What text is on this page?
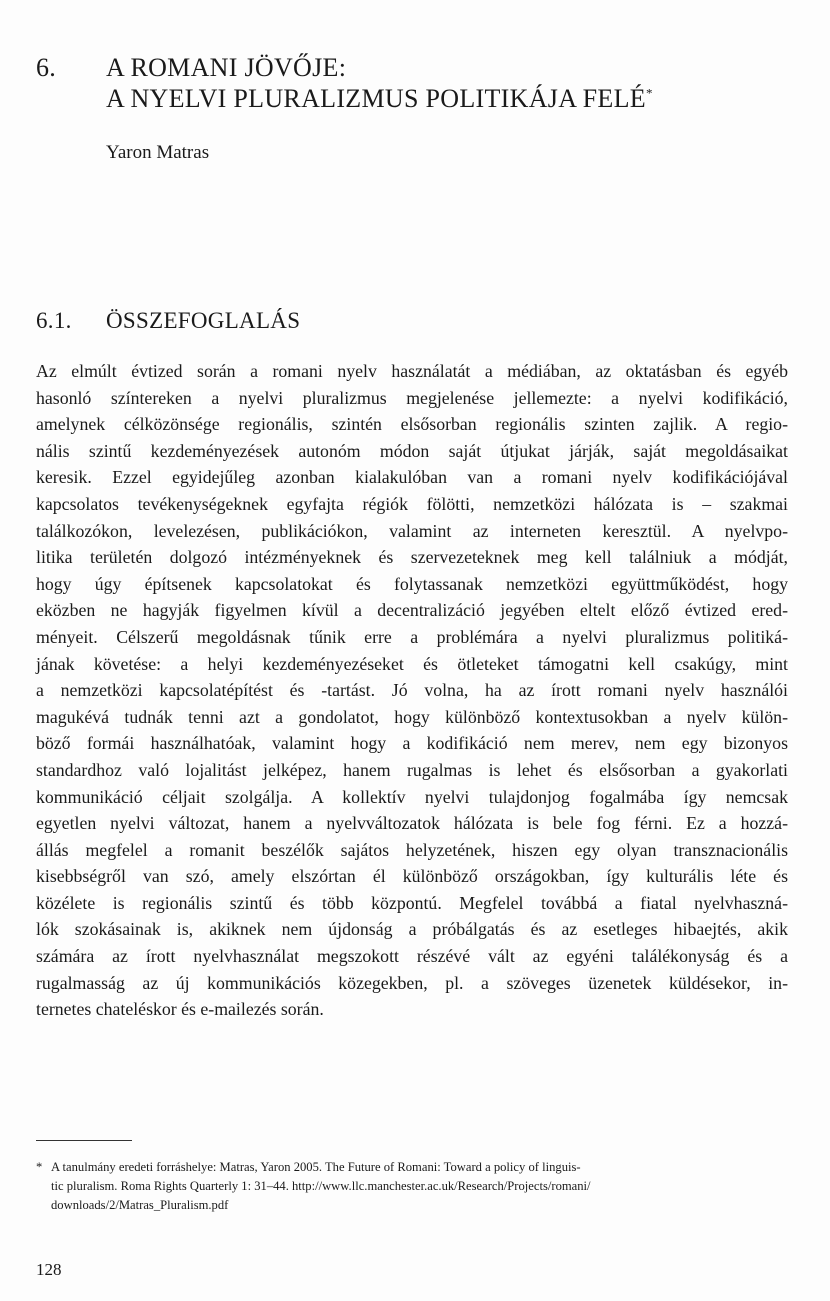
6. A ROMANI JÖVŐJE:
A NYELVI PLURALIZMUS POLITIKÁJA FELÉ*
Yaron Matras
6.1. ÖSSZEFOGLALÁS
Az elmúlt évtized során a romani nyelv használatát a médiában, az oktatásban és egyéb
hasonló színtereken a nyelvi pluralizmus megjelenése jellemezte: a nyelvi kodifikáció,
amelynek célközönsége regionális, szintén elsősorban regionális szinten zajlik. A regio-
nális szintű kezdeményezések autonóm módon saját útjukat járják, saját megoldásaikat
keresik. Ezzel egyidejűleg azonban kialakulóban van a romani nyelv kodifikációjával
kapcsolatos tevékenységeknek egyfajta régiók fölötti, nemzetközi hálózata is – szakmai
találkozókon, levelezésen, publikációkon, valamint az interneten keresztül. A nyelvpo-
litika területén dolgozó intézményeknek és szervezeteknek meg kell találniuk a módját,
hogy úgy építsenek kapcsolatokat és folytassanak nemzetközi együttműködést, hogy
eközben ne hagyják figyelmen kívül a decentralizáció jegyében eltelt előző évtized ered-
ményeit. Célszerű megoldásnak tűnik erre a problémára a nyelvi pluralizmus politiká-
jának követése: a helyi kezdeményezéseket és ötleteket támogatni kell csakúgy, mint
a nemzetközi kapcsolatépítést és -tartást. Jó volna, ha az írott romani nyelv használói
magukévá tudnák tenni azt a gondolatot, hogy különböző kontextusokban a nyelv külön-
böző formái használhatóak, valamint hogy a kodifikáció nem merev, nem egy bizonyos
standardhoz való lojalitást jelképez, hanem rugalmas is lehet és elsősorban a gyakorlati
kommunikáció céljait szolgálja. A kollektív nyelvi tulajdonjog fogalmába így nemcsak
egyetlen nyelvi változat, hanem a nyelvváltozatok hálózata is bele fog férni. Ez a hozzá-
állás megfelel a romanit beszélők sajátos helyzetének, hiszen egy olyan transznacionális
kisebbségről van szó, amely elszórtan él különböző országokban, így kulturális léte és
közélete is regionális szintű és több központú. Megfelel továbbá a fiatal nyelvhaszná-
lók szokásainak is, akiknek nem újdonság a próbálgatás és az esetleges hibaejtés, akik
számára az írott nyelvhasználat megszokott részévé vált az egyéni találékonyság és a
rugalmasság az új kommunikációs közegekben, pl. a szöveges üzenetek küldésekor, in-
ternetes chateléskor és e-mailezés során.
* A tanulmány eredeti forráshelye: Matras, Yaron 2005. The Future of Romani: Toward a policy of linguis-
tic pluralism. Roma Rights Quarterly 1: 31–44. http://www.llc.manchester.ac.uk/Research/Projects/romani/
downloads/2/Matras_Pluralism.pdf
128
